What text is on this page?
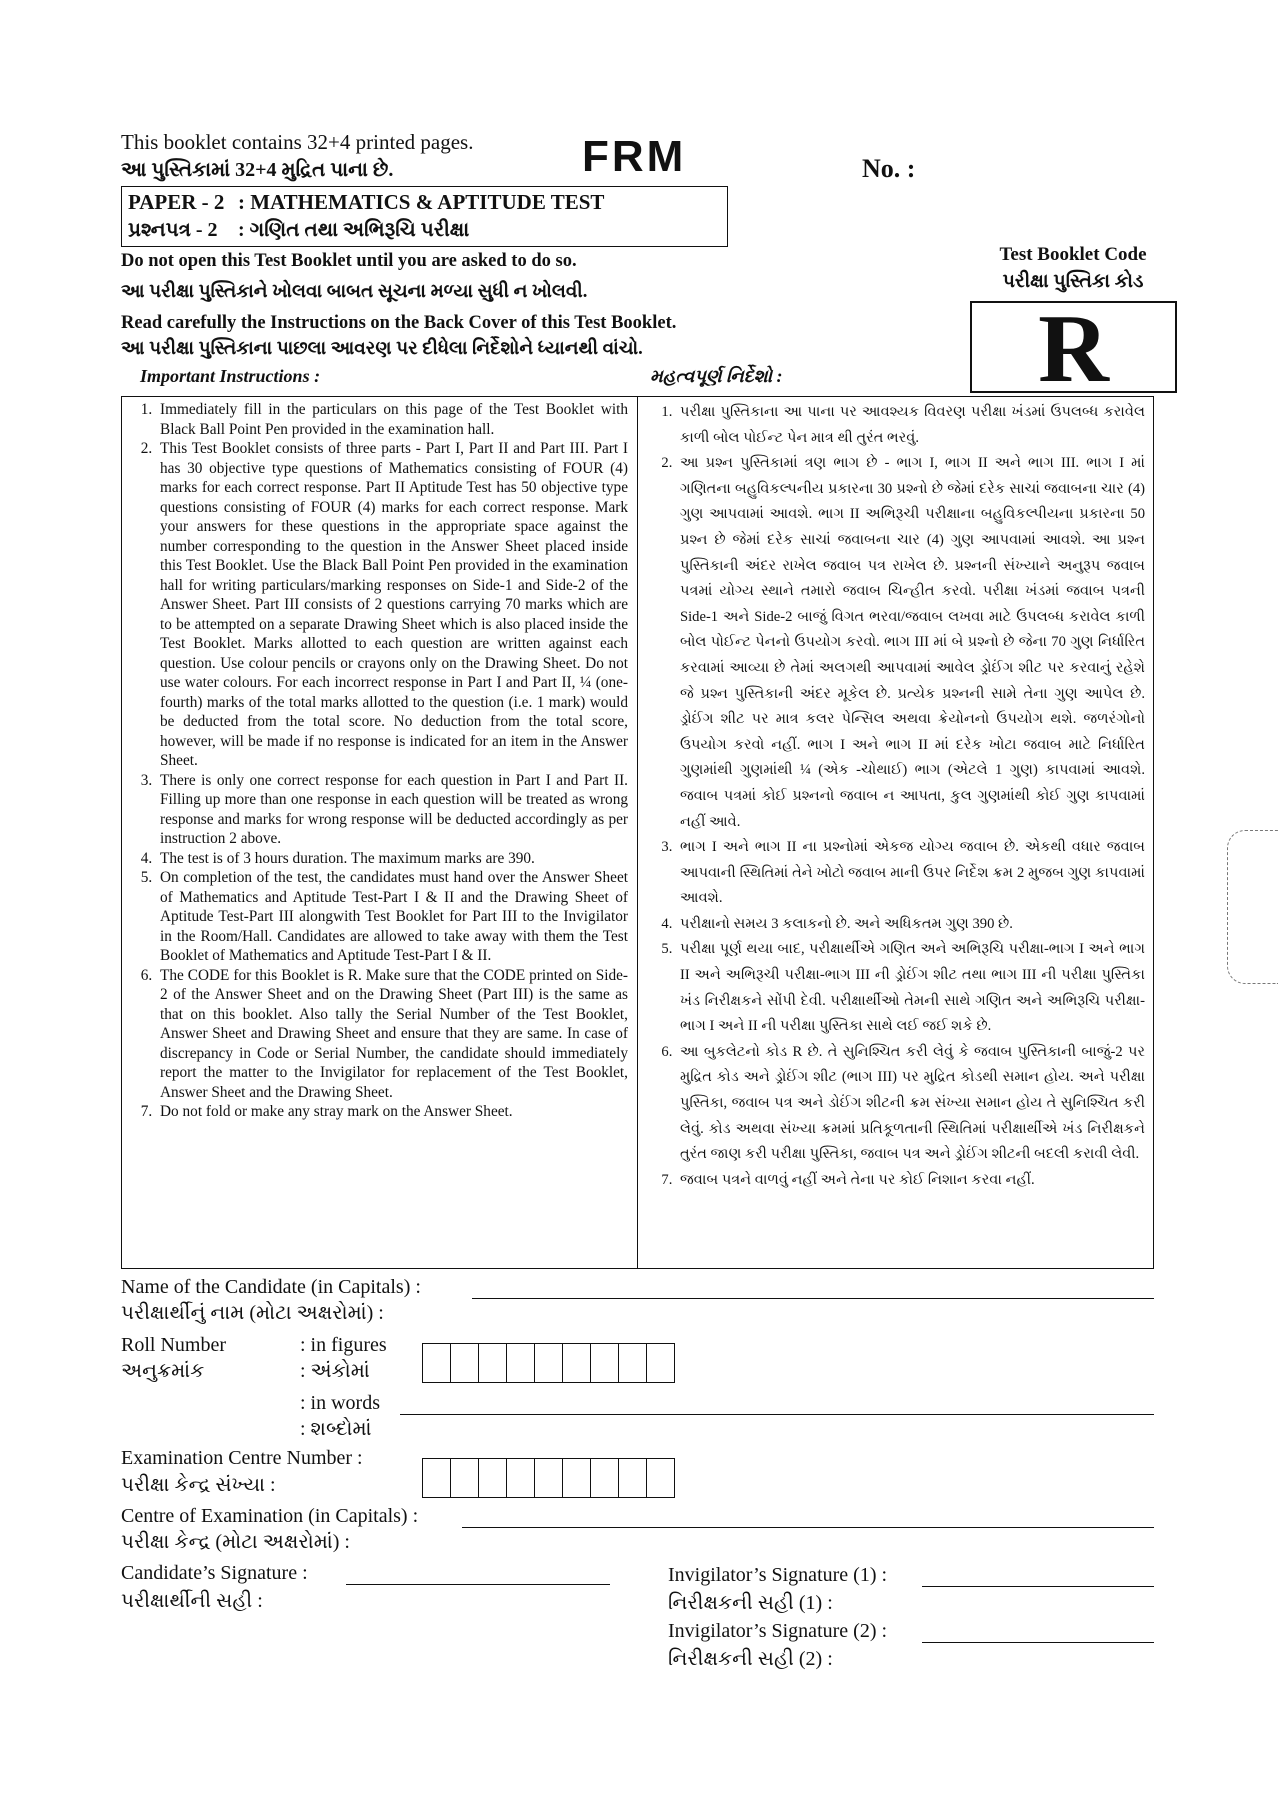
This booklet contains 32+4 printed pages.
આ પુસ્તિકામાં 32+4 મુદ્રિત પાના છે.	FRM	No. :
PAPER - 2 : MATHEMATICS & APTITUDE TEST
પ્રશ્નપત્ર - 2 : ગણિત તથા અભિરૂચિ પરીક્ષા
Do not open this Test Booklet until you are asked to do so.
આ પરીક્ષા પુસ્તિકાને ખોલવા બાબત સૂચના મળ્યા સુધી ન ખોલવી.
Read carefully the Instructions on the Back Cover of this Test Booklet.
આ પરીક્ષા પુસ્તિકાના પાછલા આવરણ પર દીધેલા નિર્દેશોને ધ્યાનથી વાંચો.
Important Instructions :	મહત્વપૂર્ણ નિર્દેશો :
Test Booklet Code
પરીક્ષા પુસ્તિકા કોડ
R
1. Immediately fill in the particulars on this page of the Test Booklet with Black Ball Point Pen provided in the examination hall.
2. This Test Booklet consists of three parts - Part I, Part II and Part III. Part I has 30 objective type questions of Mathematics consisting of FOUR (4) marks for each correct response. Part II Aptitude Test has 50 objective type questions consisting of FOUR (4) marks for each correct response. Mark your answers for these questions in the appropriate space against the number corresponding to the question in the Answer Sheet placed inside this Test Booklet. Use the Black Ball Point Pen provided in the examination hall for writing particulars/marking responses on Side-1 and Side-2 of the Answer Sheet. Part III consists of 2 questions carrying 70 marks which are to be attempted on a separate Drawing Sheet which is also placed inside the Test Booklet. Marks allotted to each question are written against each question. Use colour pencils or crayons only on the Drawing Sheet. Do not use water colours. For each incorrect response in Part I and Part II, ¼ (one-fourth) marks of the total marks allotted to the question (i.e. 1 mark) would be deducted from the total score. No deduction from the total score, however, will be made if no response is indicated for an item in the Answer Sheet.
3. There is only one correct response for each question in Part I and Part II. Filling up more than one response in each question will be treated as wrong response and marks for wrong response will be deducted accordingly as per instruction 2 above.
4. The test is of 3 hours duration. The maximum marks are 390.
5. On completion of the test, the candidates must hand over the Answer Sheet of Mathematics and Aptitude Test-Part I & II and the Drawing Sheet of Aptitude Test-Part III alongwith Test Booklet for Part III to the Invigilator in the Room/Hall. Candidates are allowed to take away with them the Test Booklet of Mathematics and Aptitude Test-Part I & II.
6. The CODE for this Booklet is R. Make sure that the CODE printed on Side-2 of the Answer Sheet and on the Drawing Sheet (Part III) is the same as that on this booklet. Also tally the Serial Number of the Test Booklet, Answer Sheet and Drawing Sheet and ensure that they are same. In case of discrepancy in Code or Serial Number, the candidate should immediately report the matter to the Invigilator for replacement of the Test Booklet, Answer Sheet and the Drawing Sheet.
7. Do not fold or make any stray mark on the Answer Sheet.
1. પરીક્ષા પુસ્તિકાના આ પાના પર આવશ્યક વિવરણ પરીક્ષા ખંડમાં ઉપલબ્ધ કરાવેલ કાળી બોલ પોઈન્ટ પેન માત્ર થી તુરંત ભરવું.
2. આ પ્રશ્ન પુસ્તિકામાં ત્રણ ભાગ છે - ભાગ I, ભાગ II અને ભાગ III. ભાગ I માં ગણિતના બહુવિકલ્પનીય પ્રકારના 30 પ્રશ્નો છે જેમાં દરેક સાચાં જવાબના ચાર (4) ગુણ આપવામાં આવશે. ભાગ II અભિરૂચી પરીક્ષાના બહુવિકલ્પીયના પ્રકારના 50 પ્રશ્ન છે જેમાં દરેક સાચાં જવાબના ચાર (4) ગુણ આપવામાં આવશે. આ પ્રશ્ન પુસ્તિકાની અંદર રાખેલ જવાબ પત્ર રાખેલ છે. પ્રશ્નની સંખ્યાને અનુરૂપ જવાબ પત્રમાં યોગ્ય સ્થાને તમારો જવાબ ચિન્હીત કરવો. પરીક્ષા ખંડમાં જવાબ પત્રની Side-1 અને Side-2 બાજું વિગત ભરવા/જવાબ લખવા માટે ઉપલબ્ધ કરાવેલ કાળી બોલ પોઈન્ટ પેનનો ઉપયોગ કરવો. ભાગ III માં બે પ્રશ્નો છે જેના 70 ગુણ નિર્ધારિત કરવામાં આવ્યા છે તેમાં અલગથી આપવામાં આવેલ ડ્રોઈંગ શીટ પર કરવાનું રહેશે જે પ્રશ્ન પુસ્તિકાની અંદર મૂકેલ છે. પ્રત્યેક પ્રશ્નની સામે તેના ગુણ આપેલ છે. ડ્રોઈંગ શીટ પર માત્ર કલર પેન્સિલ અથવા ક્રેયોનનો ઉપયોગ થશે. જળરંગોનો ઉપયોગ કરવો નહીં. ભાગ I અને ભાગ II માં દરેક ખોટા જવાબ માટે નિર્ધારિત ગુણમાંથી ગુણમાંથી ¼ (એક -ચોથાઈ) ભાગ (એટલે 1 ગુણ) કાપવામાં આવશે. જવાબ પત્રમાં કોઈ પ્રશ્નનો જવાબ ન આપતા, કુલ ગુણમાંથી કોઈ ગુણ કાપવામાં નહીં આવે.
3. ભાગ I અને ભાગ II ના પ્રશ્નોમાં એકજ યોગ્ય જવાબ છે. એકથી વધાર જવાબ આપવાની સ્થિતિમાં તેને ખોટો જવાબ માની ઉપર નિર્દેશ ક્રમ 2 મુજબ ગુણ કાપવામાં આવશે.
4. પરીક્ષાનો સમય 3 કલાકનો છે. અને અધિકતમ ગુણ 390 છે.
5. પરીક્ષા પૂર્ણ થયા બાદ, પરીક્ષાર્થીએ ગણિત અને અભિરૂચિ પરીક્ષા-ભાગ I અને ભાગ II અને અભિરૂચી પરીક્ષા-ભાગ III ની ડ્રોઈંગ શીટ તથા ભાગ III ની પરીક્ષા પુસ્તિકા ખંડ નિરીક્ષકને સોંપી દેવી. પરીક્ષાર્થીઓ તેમની સાથે ગણિત અને અભિરૂચિ પરીક્ષા-ભાગ I અને II ની પરીક્ષા પુસ્તિકા સાથે લઈ જઈ શકે છે.
6. આ બુકલેટનો કોડ R છે. તે સુનિશ્ચિત કરી લેવું કે જવાબ પુસ્તિકાની બાજું-2 પર મુદ્રિત કોડ અને ડ્રોઈંગ શીટ (ભાગ III) પર મુદ્રિત કોડથી સમાન હોય. અને પરીક્ષા પુસ્તિકા, જવાબ પત્ર અને ડોઈંગ શીટની ક્રમ સંખ્યા સમાન હોય તે સુનિશ્ચિત કરી લેવું. કોડ અથવા સંખ્યા ક્રમમાં પ્રતિકૂળતાની સ્થિતિમાં પરીક્ષાર્થીએ ખંડ નિરીક્ષકને તુરંત જાણ કરી પરીક્ષા પુસ્તિકા, જવાબ પત્ર અને ડ્રોઈંગ શીટની બદલી કરાવી લેવી.
7. જવાબ પત્રને વાળવું નહીં અને તેના પર કોઈ નિશાન કરવા નહીં.
Name of the Candidate (in Capitals) :
પરીક્ષાર્થીનું નામ (મોટા અક્ષરોમાં) :
Roll Number
અનુક્રમાંક
: in figures
: અંકોમાં
: in words
: શબ્દોમાં
Examination Centre Number :
પરીક્ષા કેન્દ્ર સંખ્યા :
Centre of Examination (in Capitals) :
પરીક્ષા કેન્દ્ર (મોટા અક્ષરોમાં) :
Candidate’s Signature :
પરીક્ષાર્થીની સહી :
Invigilator’s Signature (1) :
નિરીક્ષકની સહી (1) :
Invigilator’s Signature (2) :
નિરીક્ષકની સહી (2) :
